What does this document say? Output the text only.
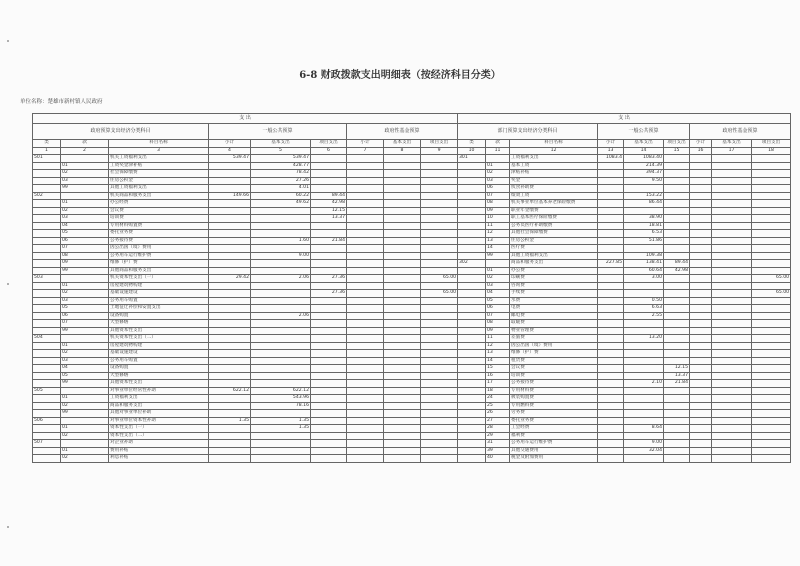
6-8 财政拨款支出明细表（按经济科目分类）
单位名称：楚雄市新村镇人民政府
支 出								
政府预算支出经济分类科目			一般公共预算			政府性基金预算		
类	款	科目名称	小计	基本支出	项目支出	小计	基本支出	项目支出
1	2	3	4	5	6	7	8	9
501		机关工资福利支出	539.47	539.47				
	01	工资奖金津补贴		428.77				
	02	社会保障缴费		78.42				
	03	住房公积金		27.26				
	99	其他工资福利支出		4.01				
502		机关商品和服务支出	149.66	60.22	89.44			
	01	办公经费		49.62	42.98			
	02	会议费			12.15			
	03	培训费			13.37			
	04	专用材料购置费						
	05	委托业务费						
	06	公务接待费		1.60	21.84			
	07	因公出国（境）费用						
	08	公务用车运行维护费		9.00				
	09	维修（护）费						
	99	其他商品和服务支出						
503		机关资本性支出（一）	29.42	2.06	27.36			65.00
	01	房屋建筑物构建						
	02	基础设施建设			27.36			65.00
	03	公务用车购置						
	05	土地征迁补偿和安置支出						
	06	设备购置		2.06				
	07	大型修缮						
	99	其他资本性支出						
504		机关资本性支出（二）						
	01	房屋建筑物构建						
	02	基础设施建设						
	03	公务用车购置						
	04	设备购置						
	05	大型修缮						
	99	其他资本性支出						
505		对事业单位经常性补助	622.12	622.12				
	01	工资福利支出		543.96				
	02	商品和服务支出		78.16				
	99	其他对事业单位补助						
506		对事业单位资本性补助	1.35	1.35				
	01	资本性支出（一）		1.35				
	02	资本性支出（二）						
507		对企业补助						
	01	费用补贴						
	02	利息补贴						
支 出								
部门预算支出经济分类科目			一般公共预算			政府性基金预算		
类	款	科目名称	小计	基本支出	项目支出	小计	基本支出	项目支出
10	11	12	13	14	15	16	17	18
301		工资福利支出	1083.4	1083.40				
	01	基本工资		214.39				
	02	津贴补贴		394.37				
	03	奖金		9.50				
	06	伙食补助费						
	07	绩效工资		153.22				
	08	机关事业单位基本养老保险缴费		86.44				
	09	职业年金缴费						
	10	职工基本医疗保险缴费		38.90				
	11	公务员医疗补助缴费		18.81				
	12	其他社会保障缴费		6.53				
	13	住房公积金		51.86				
	14	医疗费						
	99	其他工资福利支出		109.38				
302		商品和服务支出	227.85	138.41	89.44			
	01	办公费		60.64	42.98			
	02	印刷费		3.00				65.00
	03	咨询费						
	04	手续费						65.00
	05	水费		0.50				
	06	电费		6.63				
	07	邮电费		2.55				
	08	取暖费						
	09	物业管理费						
	11	差旅费		13.20				
	12	因公出国（境）费用						
	13	维修（护）费						
	14	租赁费						
	15	会议费			12.15			
	16	培训费			13.37			
	17	公务接待费		2.10	21.84			
	18	专用材料费						
	24	被装购置费						
	25	专用燃料费						
	26	劳务费						
	27	委托业务费						
	28	工会经费		8.64				
	29	福利费						
	31	公务用车运行维护费		9.00				
	39	其他交通费用		32.04				
	40	税金及附加费用						
